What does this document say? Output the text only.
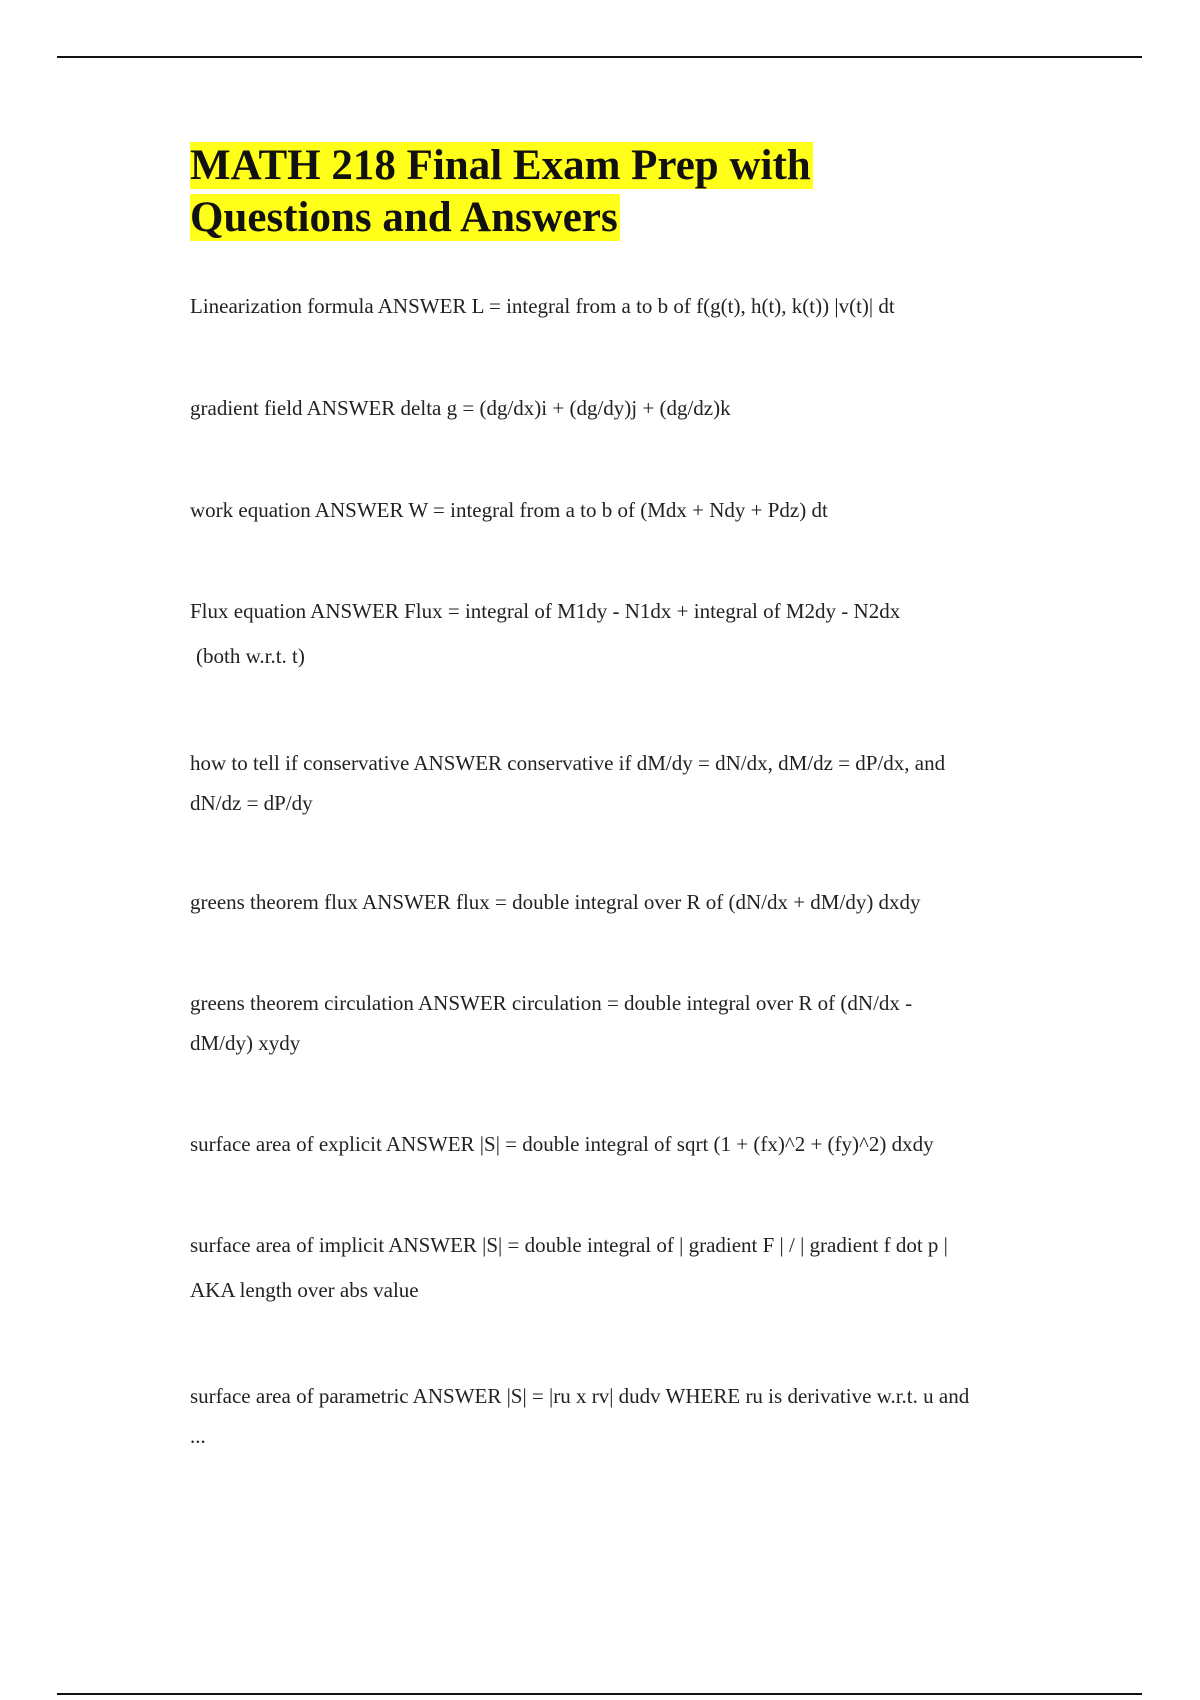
MATH 218 Final Exam Prep with
Questions and Answers

Linearization formula ANSWER L = integral from a to b of f(g(t), h(t), k(t)) |v(t)| dt

gradient field ANSWER delta g = (dg/dx)i + (dg/dy)j + (dg/dz)k

work equation ANSWER W = integral from a to b of (Mdx + Ndy + Pdz) dt

Flux equation ANSWER Flux = integral of M1dy - N1dx + integral of M2dy - N2dx
(both w.r.t. t)

how to tell if conservative ANSWER conservative if dM/dy = dN/dx, dM/dz = dP/dx, and
dN/dz = dP/dy

greens theorem flux ANSWER flux = double integral over R of (dN/dx + dM/dy) dxdy

greens theorem circulation ANSWER circulation = double integral over R of (dN/dx -
dM/dy) xydy

surface area of explicit ANSWER |S| = double integral of sqrt (1 + (fx)^2 + (fy)^2) dxdy

surface area of implicit ANSWER |S| = double integral of | gradient F | / | gradient f dot p |
AKA length over abs value

surface area of parametric ANSWER |S| = |ru x rv| dudv WHERE ru is derivative w.r.t. u and
...
